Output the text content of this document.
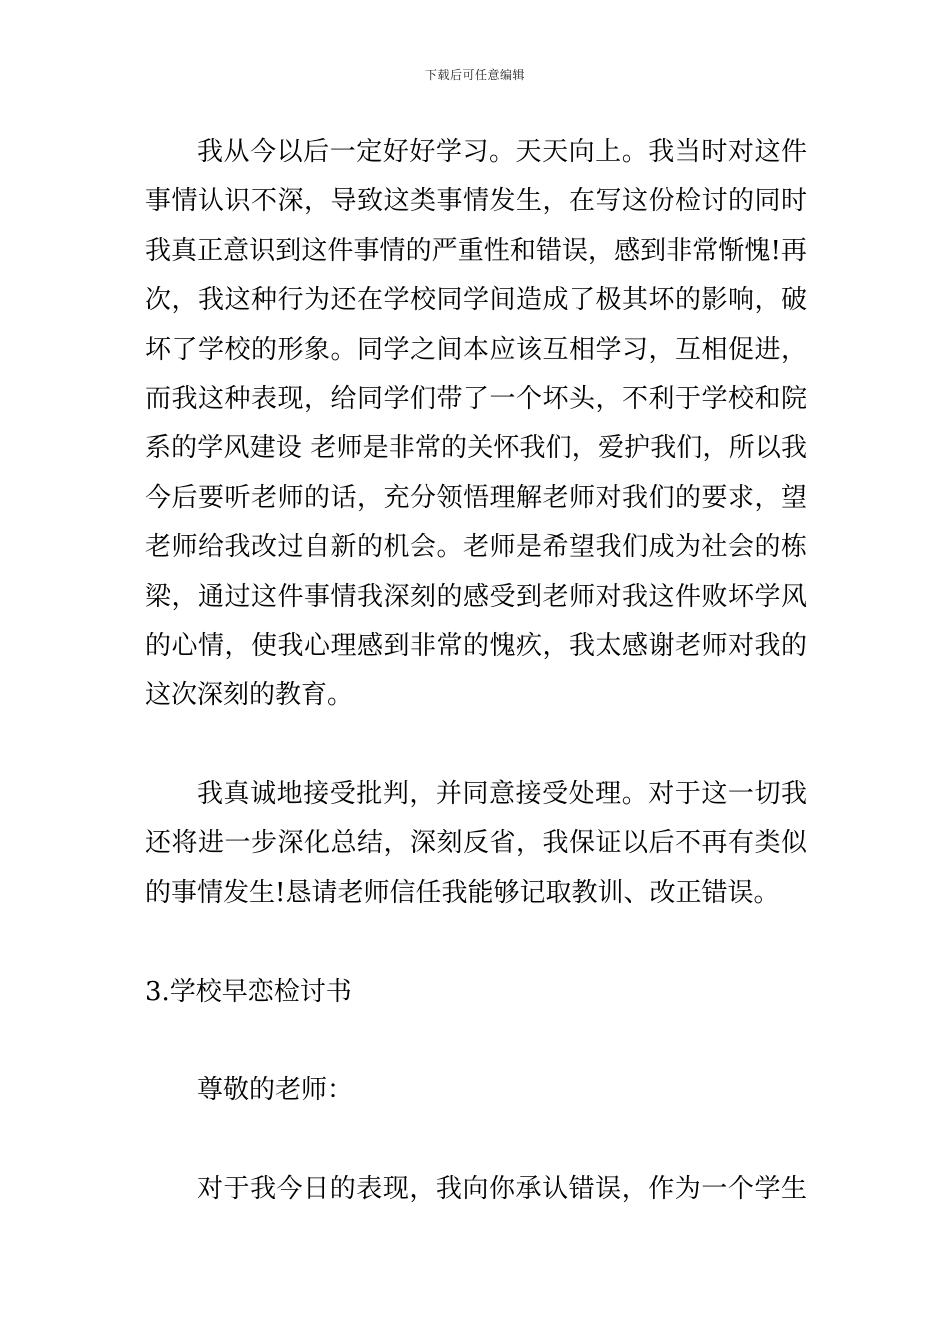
下载后可任意编辑
我从今以后一定好好学习。天天向上。我当时对这件
事情认识不深，导致这类事情发生，在写这份检讨的同时
我真正意识到这件事情的严重性和错误，感到非常惭愧!再
次，我这种行为还在学校同学间造成了极其坏的影响，破
坏了学校的形象。同学之间本应该互相学习，互相促进，
而我这种表现，给同学们带了一个坏头，不利于学校和院
系的学风建设 老师是非常的关怀我们，爱护我们，所以我
今后要听老师的话，充分领悟理解老师对我们的要求，望
老师给我改过自新的机会。老师是希望我们成为社会的栋
梁，通过这件事情我深刻的感受到老师对我这件败坏学风
的心情，使我心理感到非常的愧疚，我太感谢老师对我的
这次深刻的教育。
我真诚地接受批判，并同意接受处理。对于这一切我
还将进一步深化总结，深刻反省，我保证以后不再有类似
的事情发生!恳请老师信任我能够记取教训、改正错误。
3.学校早恋检讨书
尊敬的老师：
对于我今日的表现，我向你承认错误，作为一个学生
